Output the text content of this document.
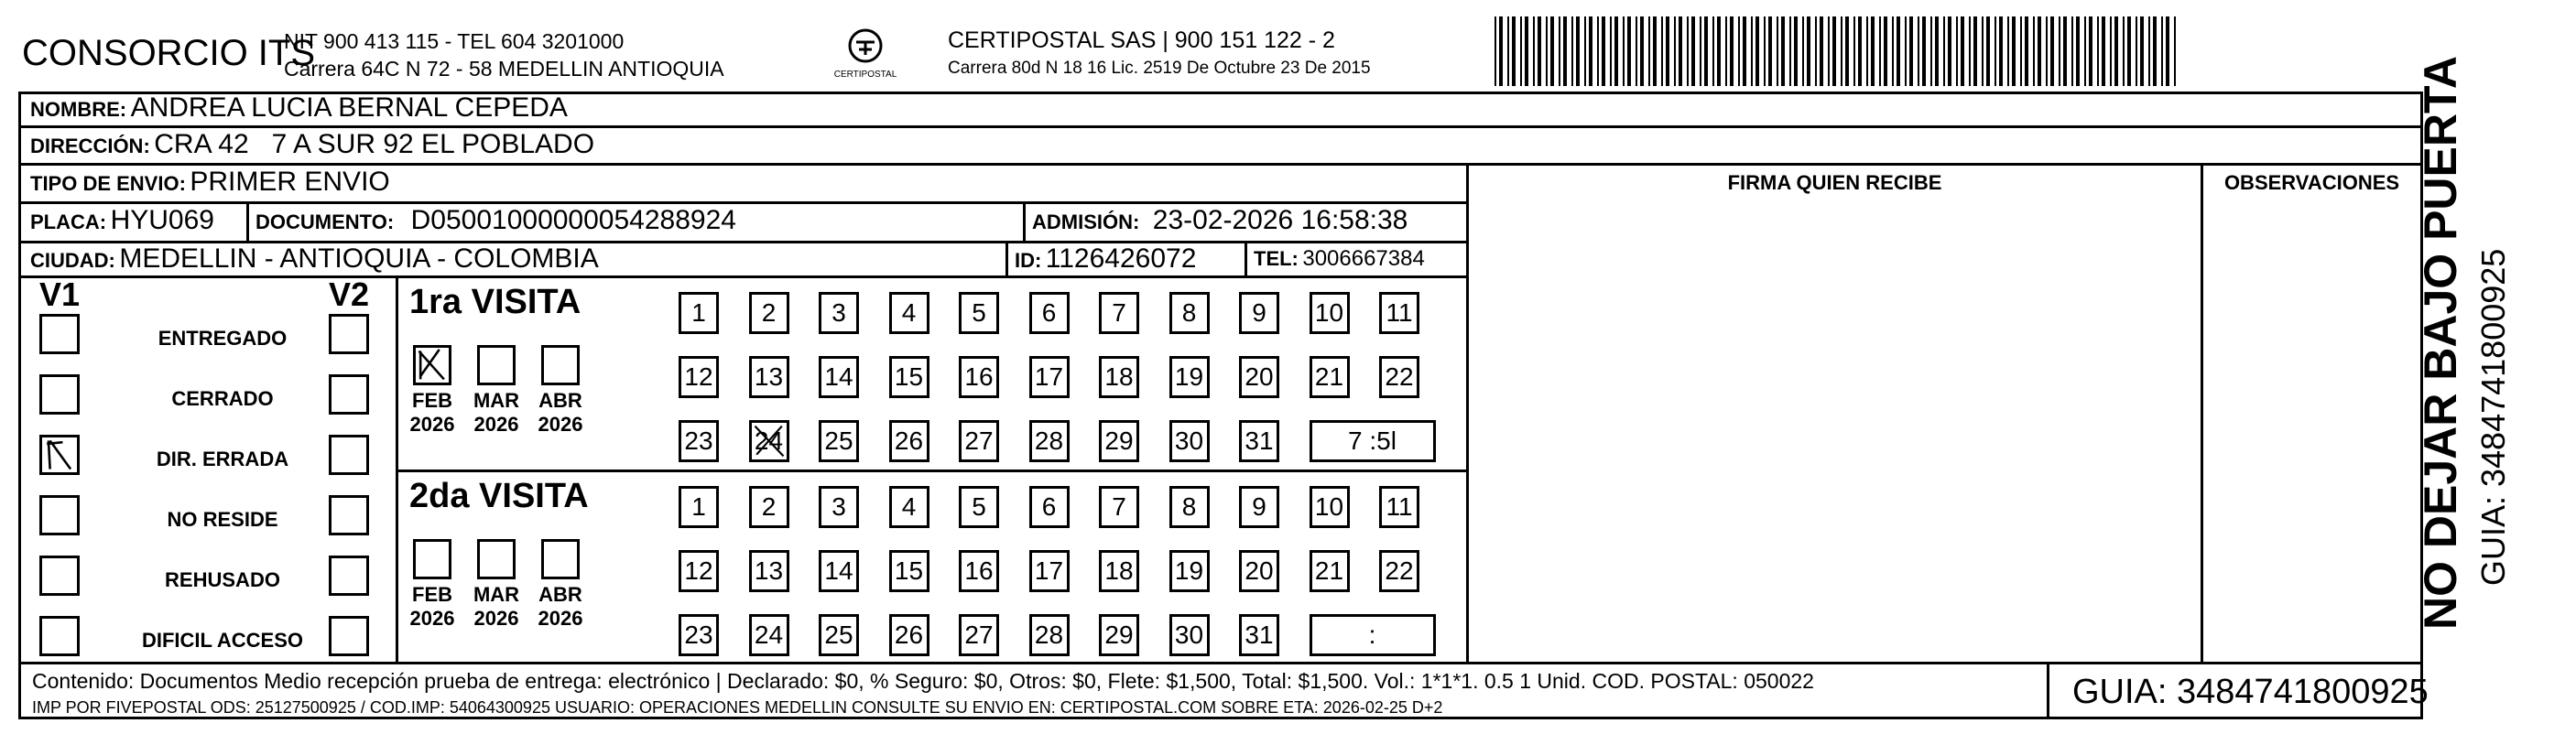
CONSORCIO ITS
NIT 900 413 115 - TEL 604 3201000
Carrera 64C N 72 - 58 MEDELLIN ANTIOQUIA	CERTIPOSTAL
CERTIPOSTAL SAS | 900 151 122 - 2
Carrera 80d N 18 16 Lic. 2519 De Octubre 23 De 2015
NOMBRE: ANDREA LUCIA BERNAL CEPEDA
DIRECCIÓN: CRA 42   7 A SUR 92 EL POBLADO
TIPO DE ENVIO: PRIMER ENVIO
PLACA: HYU069 DOCUMENTO: D05001000000054288924	ADMISIÓN: 23-02-2026 16:58:38
CIUDAD: MEDELLIN - ANTIOQUIA - COLOMBIA	ID: 1126426072	TEL: 3006667384
FIRMA QUIEN RECIBE	OBSERVACIONES
V1	V2
ENTREGADO
CERRADO
DIR. ERRADA
NO RESIDE
REHUSADO
DIFICIL ACCESO
1ra VISITA
FEB
2026
MAR
2026
ABR
2026
1	2	3	4	5	6	7	8	9	10 11
12 13 14 15 16 17 18 19 20 21 22
23 24 25 26 27 28 29 30 31	7 :5l
2da VISITA
FEB
2026
MAR
2026
ABR
2026
1	2	3	4	5	6	7	8	9	10 11
12 13 14 15 16 17 18 19 20 21 22
23 24 25 26 27 28 29 30 31	:
Contenido: Documentos Medio recepción prueba de entrega: electrónico | Declarado: $0, % Seguro: $0, Otros: $0, Flete: $1,500, Total: $1,500. Vol.: 1*1*1. 0.5 1 Unid. COD. POSTAL: 050022
IMP POR FIVEPOSTAL ODS: 25127500925 / COD.IMP: 54064300925 USUARIO: OPERACIONES MEDELLIN CONSULTE SU ENVIO EN: CERTIPOSTAL.COM SOBRE ETA: 2026-02-25 D+2	GUIA: 3484741800925
NO DEJAR BAJO PUERTA GUIA: 3484741800925
